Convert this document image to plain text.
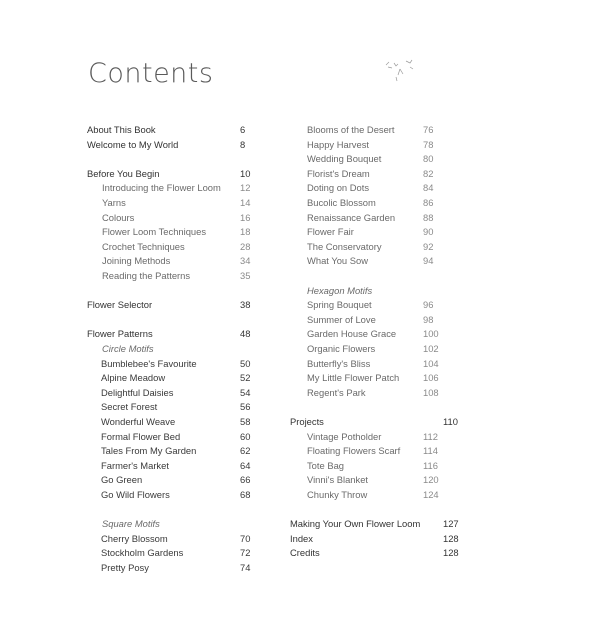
Contents
About This Book	6
Welcome to My World	8
Before You Begin	10
Introducing the Flower Loom 12
Yarns	14
Colours	16
Flower Loom Techniques	18
Crochet Techniques	28
Joining Methods	34
Reading the Patterns	35
Flower Selector	38
Flower Patterns	48
Circle Motifs
Bumblebee's Favourite	50
Alpine Meadow	52
Delightful Daisies	54
Secret Forest	56
Wonderful Weave	58
Formal Flower Bed	60
Tales From My Garden	62
Farmer's Market	64
Go Green	66
Go Wild Flowers	68
Square Motifs
Cherry Blossom	70
Stockholm Gardens	72
Pretty Posy	74
Blooms of the Desert	76
Happy Harvest	78
Wedding Bouquet	80
Florist's Dream	82
Doting on Dots	84
Bucolic Blossom	86
Renaissance Garden	88
Flower Fair	90
The Conservatory	92
What You Sow	94
Hexagon Motifs
Spring Bouquet	96
Summer of Love	98
Garden House Grace	100
Organic Flowers	102
Butterfly's Bliss	104
My Little Flower Patch	106
Regent's Park	108
Projects	110
Vintage Potholder	112
Floating Flowers Scarf 114
Tote Bag	116
Vinni's Blanket	120
Chunky Throw	124
Making Your Own Flower Loom 127
Index	128
Credits	128
